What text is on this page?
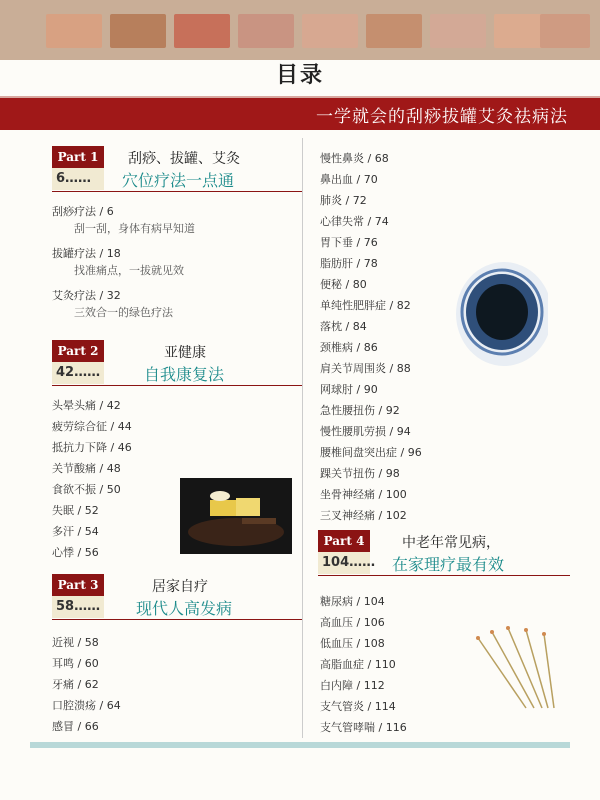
目录
一学就会的刮痧拔罐艾灸祛病法
Part 1
6……
刮痧、拔罐、艾灸
穴位疗法一点通
刮痧疗法 / 6
刮一刮，身体有病早知道
拔罐疗法 / 18
找准痛点，一拔就见效
艾灸疗法 / 32
三效合一的绿色疗法
Part 2
42……
亚健康
自我康复法
头晕头痛 / 42
疲劳综合征 / 44
抵抗力下降 / 46
关节酸痛 / 48
食欲不振 / 50
失眠 / 52
多汗 / 54
心悸 / 56
Part 3
58……
居家自疗
现代人高发病
近视 / 58
耳鸣 / 60
牙痛 / 62
口腔溃疡 / 64
感冒 / 66
慢性鼻炎 / 68
鼻出血 / 70
肺炎 / 72
心律失常 / 74
胃下垂 / 76
脂肪肝 / 78
便秘 / 80
单纯性肥胖症 / 82
落枕 / 84
颈椎病 / 86
肩关节周围炎 / 88
网球肘 / 90
急性腰扭伤 / 92
慢性腰肌劳损 / 94
腰椎间盘突出症 / 96
踝关节扭伤 / 98
坐骨神经痛 / 100
三叉神经痛 / 102
Part 4
104……
中老年常见病，
在家理疗最有效
糖尿病 / 104
高血压 / 106
低血压 / 108
高脂血症 / 110
白内障 / 112
支气管炎 / 114
支气管哮喘 / 116
